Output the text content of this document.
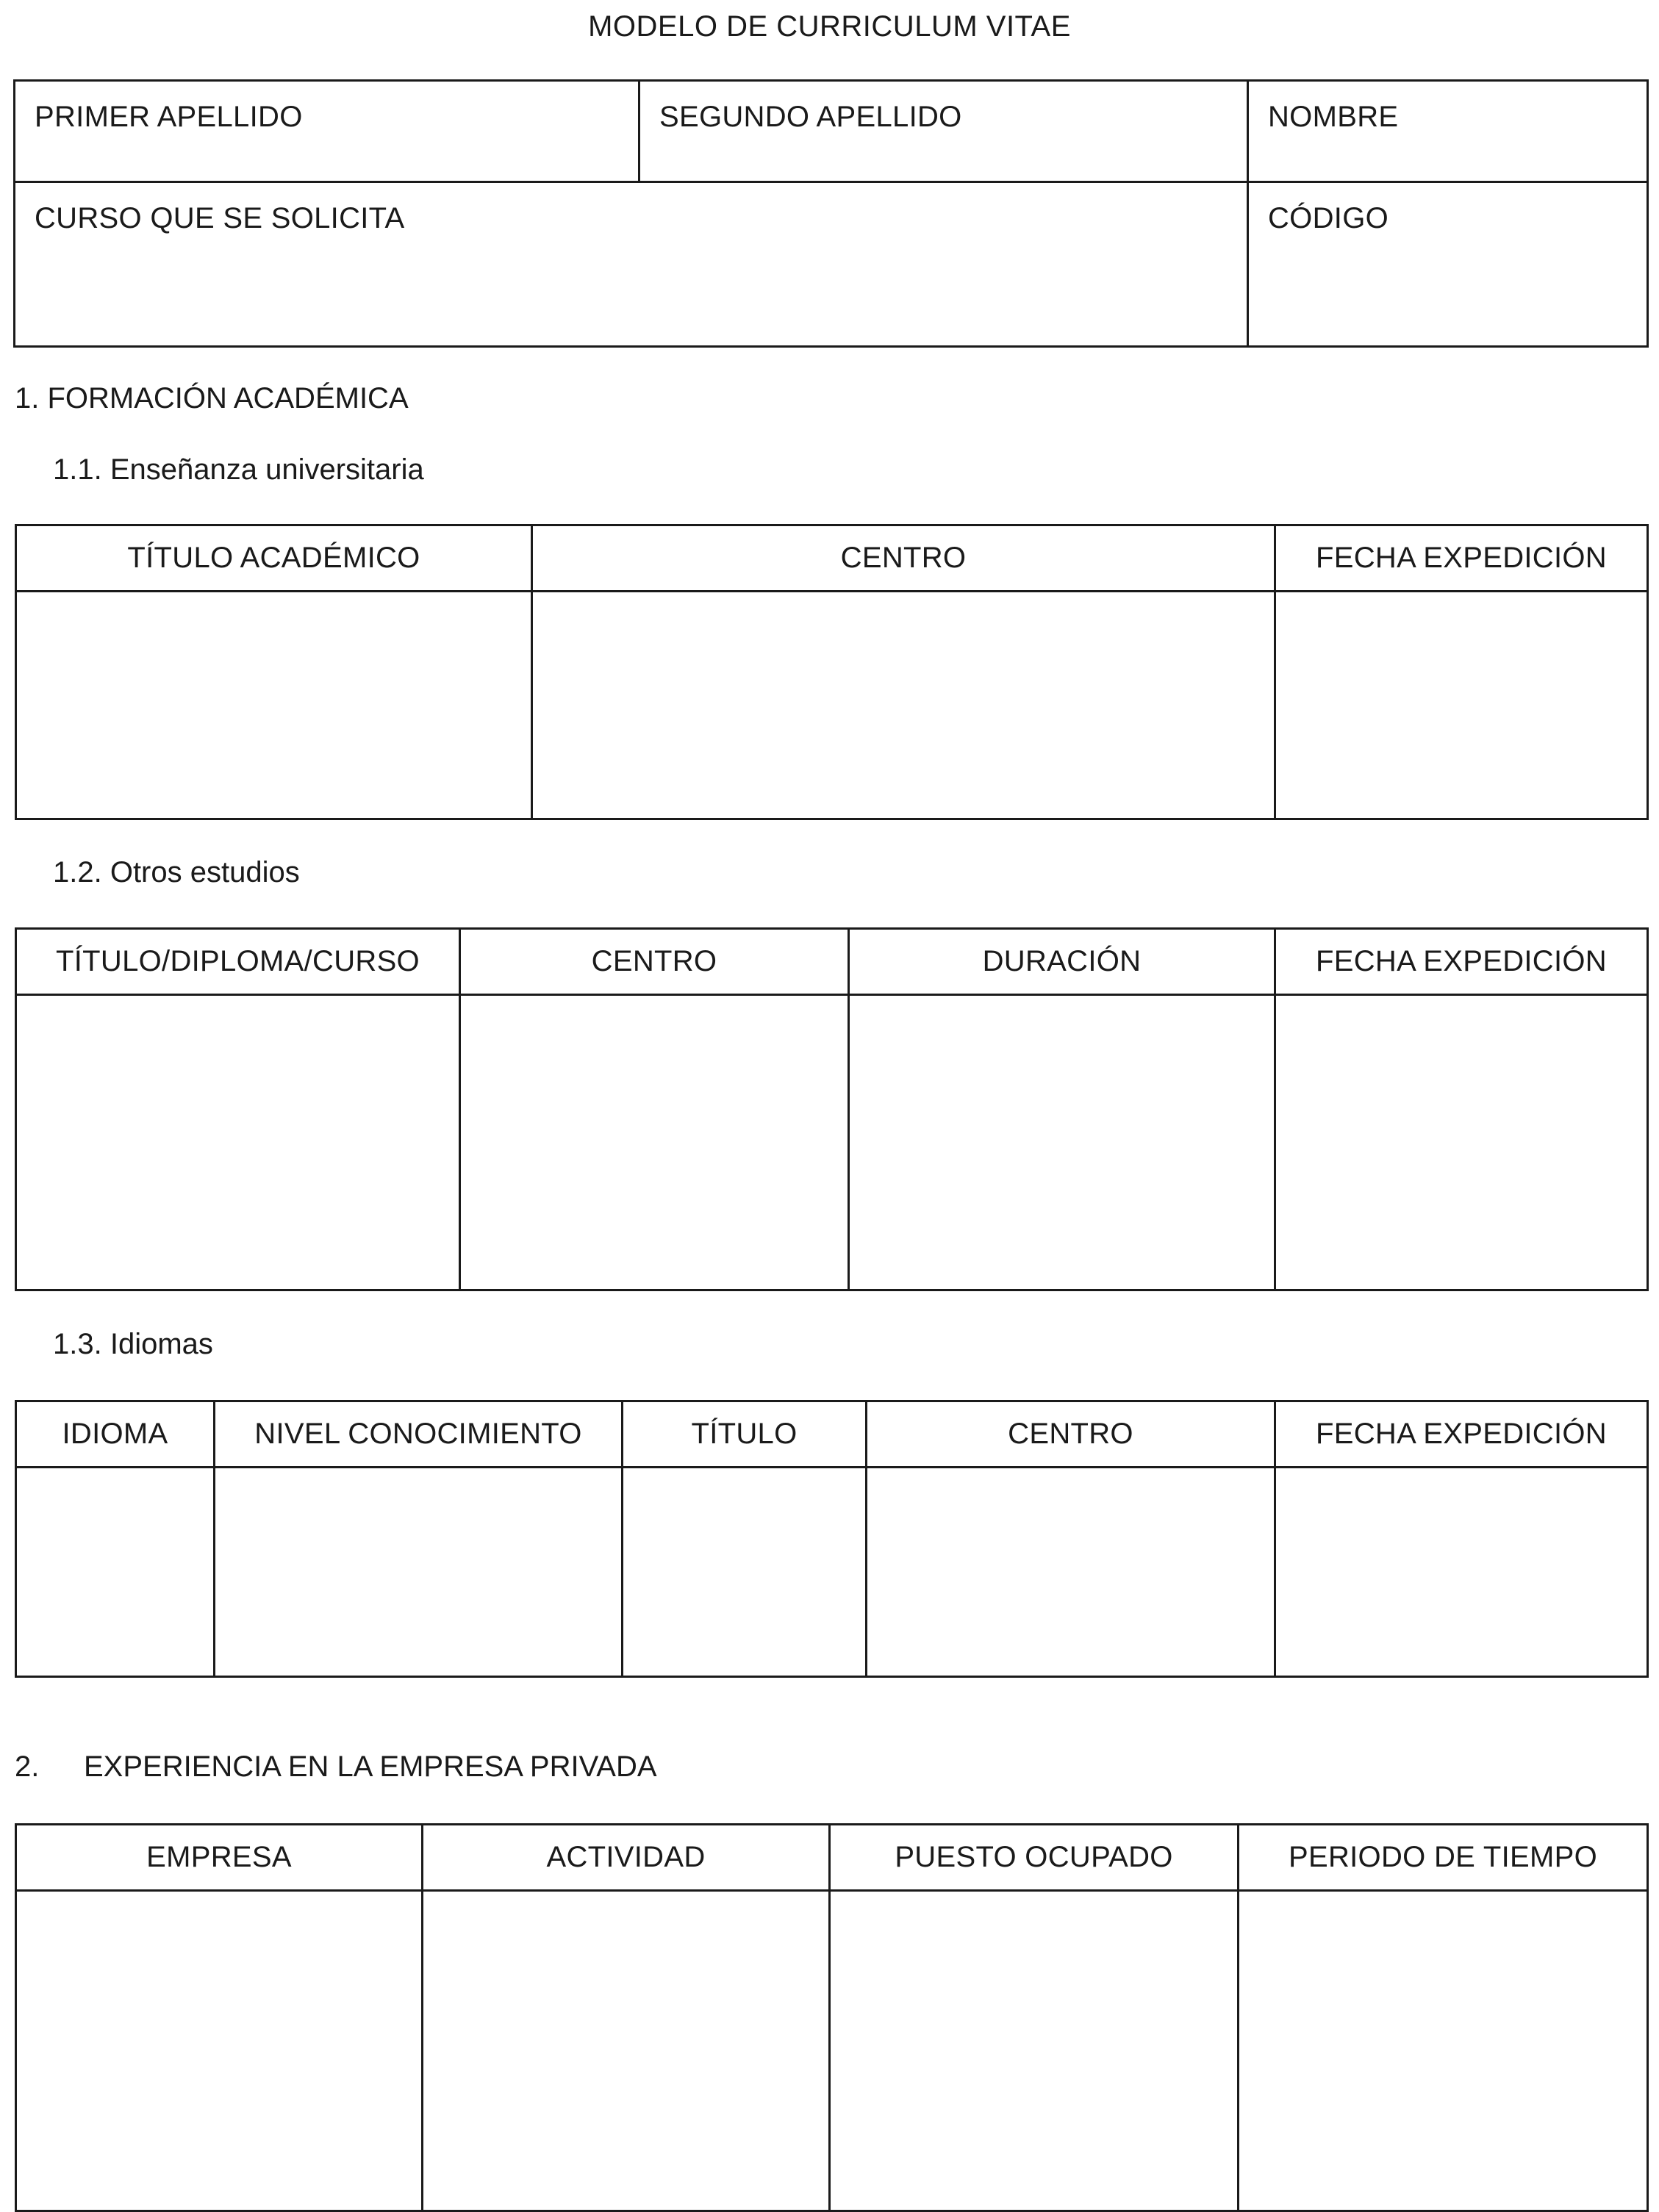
MODELO DE CURRICULUM VITAE
PRIMER APELLIDO	SEGUNDO APELLIDO	NOMBRE

CURSO QUE SE SOLICITA		CÓDIGO
1. FORMACIÓN ACADÉMICA
1.1. Enseñanza universitaria
TÍTULO ACADÉMICO	CENTRO	FECHA EXPEDICIÓN

1.2. Otros estudios
TÍTULO/DIPLOMA/CURSO	CENTRO	DURACIÓN	FECHA EXPEDICIÓN

1.3. Idiomas
IDIOMA	NIVEL CONOCIMIENTO	TÍTULO	CENTRO	FECHA EXPEDICIÓN

2. EXPERIENCIA EN LA EMPRESA PRIVADA
EMPRESA	ACTIVIDAD	PUESTO OCUPADO	PERIODO DE TIEMPO
